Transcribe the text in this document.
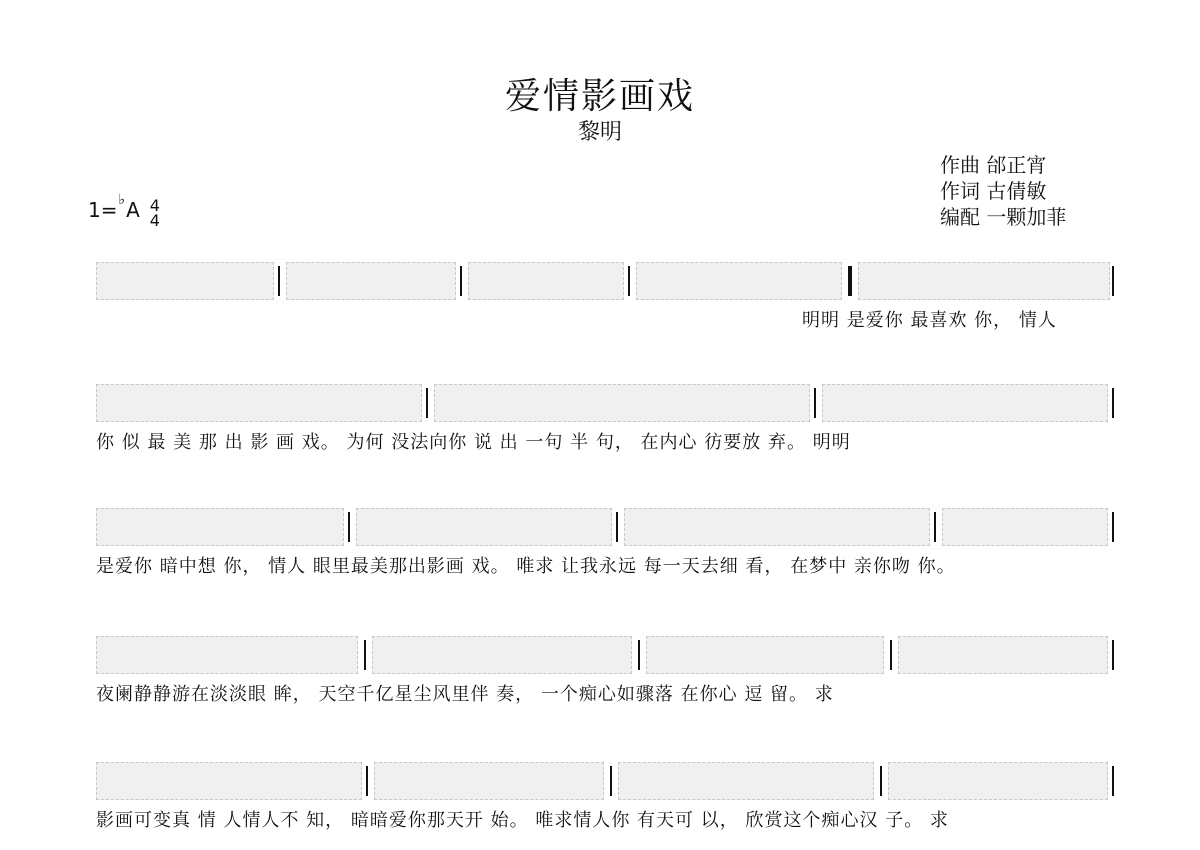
爱情影画戏
黎明
作曲 邰正宵
作词 古倩敏
编配 一颗加菲
1= ♭ A 4
4
明明 是爱你 最喜欢 你， 情人
你 似 最 美 那 出 影 画 戏。 为何 没法向你 说 出 一句 半 句， 在内心 彷要放 弃。 明明
是爱你 暗中想 你， 情人 眼里最美那出影画 戏。 唯求 让我永远 每一天去细 看， 在梦中 亲你吻 你。
夜阑静静游在淡淡眼 眸， 天空千亿星尘风里伴 奏， 一个痴心如骤落 在你心 逗 留。 求
影画可变真 情 人情人不 知， 暗暗爱你那天开 始。 唯求情人你 有天可 以， 欣赏这个痴心汉 子。 求
